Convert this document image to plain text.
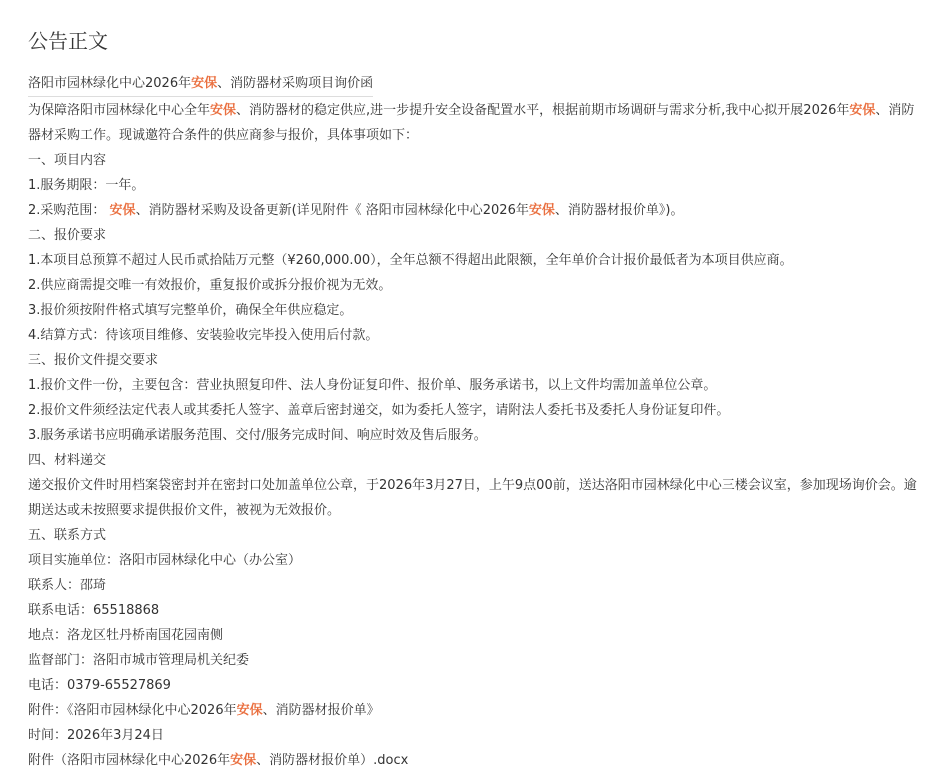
公告正文
洛阳市园林绿化中心2026年安保、消防器材采购项目询价函
为保障洛阳市园林绿化中心全年安保、消防器材的稳定供应,进一步提升安全设备配置水平，根据前期市场调研与需求分析,我中心拟开展2026年安保、消防器材采购工作。现诚邀符合条件的供应商参与报价，具体事项如下：
一、项目内容
1.服务期限：一年。
2.采购范围： 安保、消防器材采购及设备更新(详见附件《 洛阳市园林绿化中心2026年安保、消防器材报价单》)。
二、报价要求
1.本项目总预算不超过人民币贰拾陆万元整（¥260,000.00），全年总额不得超出此限额，全年单价合计报价最低者为本项目供应商。
2.供应商需提交唯一有效报价，重复报价或拆分报价视为无效。
3.报价须按附件格式填写完整单价，确保全年供应稳定。
4.结算方式：待该项目维修、安装验收完毕投入使用后付款。
三、报价文件提交要求
1.报价文件一份，主要包含：营业执照复印件、法人身份证复印件、报价单、服务承诺书，以上文件均需加盖单位公章。
2.报价文件须经法定代表人或其委托人签字、盖章后密封递交，如为委托人签字，请附法人委托书及委托人身份证复印件。
3.服务承诺书应明确承诺服务范围、交付/服务完成时间、响应时效及售后服务。
四、材料递交
递交报价文件时用档案袋密封并在密封口处加盖单位公章，于2026年3月27日，上午9点00前，送达洛阳市园林绿化中心三楼会议室，参加现场询价会。逾期送达或未按照要求提供报价文件，被视为无效报价。
五、联系方式
项目实施单位：洛阳市园林绿化中心（办公室）
联系人：邵琦
联系电话：65518868
地点：洛龙区牡丹桥南国花园南侧
监督部门：洛阳市城市管理局机关纪委
电话：0379-65527869
附件：《洛阳市园林绿化中心2026年安保、消防器材报价单》
时间：2026年3月24日
附件（洛阳市园林绿化中心2026年安保、消防器材报价单）.docx
